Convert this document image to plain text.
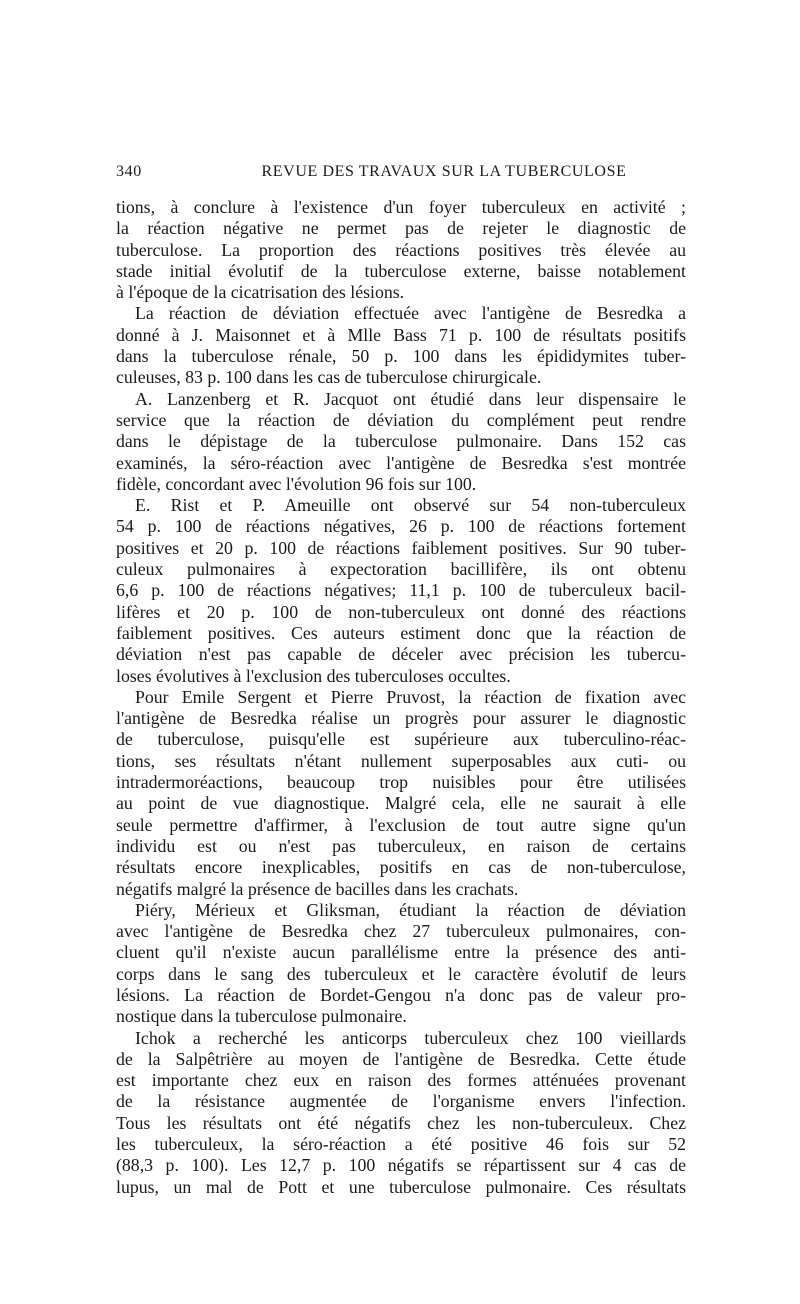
340	REVUE DES TRAVAUX SUR LA TUBERCULOSE

tions, à conclure à l'existence d'un foyer tuberculeux en activité ;
la réaction négative ne permet pas de rejeter le diagnostic de
tuberculose. La proportion des réactions positives très élevée au
stade initial évolutif de la tuberculose externe, baisse notablement
à l'époque de la cicatrisation des lésions.

La réaction de déviation effectuée avec l'antigène de Besredka a
donné à J. Maisonnet et à Mlle Bass 71 p. 100 de résultats positifs
dans la tuberculose rénale, 50 p. 100 dans les épididymites tuber-
culeuses, 83 p. 100 dans les cas de tuberculose chirurgicale.

A. Lanzenberg et R. Jacquot ont étudié dans leur dispensaire le
service que la réaction de déviation du complément peut rendre
dans le dépistage de la tuberculose pulmonaire. Dans 152 cas
examinés, la séro-réaction avec l'antigène de Besredka s'est montrée
fidèle, concordant avec l'évolution 96 fois sur 100.

E. Rist et P. Ameuille ont observé sur 54 non-tuberculeux
54 p. 100 de réactions négatives, 26 p. 100 de réactions fortement
positives et 20 p. 100 de réactions faiblement positives. Sur 90 tuber-
culeux pulmonaires à expectoration bacillifère, ils ont obtenu
6,6 p. 100 de réactions négatives; 11,1 p. 100 de tuberculeux bacil-
lifères et 20 p. 100 de non-tuberculeux ont donné des réactions
faiblement positives. Ces auteurs estiment donc que la réaction de
déviation n'est pas capable de déceler avec précision les tubercu-
loses évolutives à l'exclusion des tuberculoses occultes.

Pour Emile Sergent et Pierre Pruvost, la réaction de fixation avec
l'antigène de Besredka réalise un progrès pour assurer le diagnostic
de tuberculose, puisqu'elle est supérieure aux tuberculino-réac-
tions, ses résultats n'étant nullement superposables aux cuti- ou
intradermoréactions, beaucoup trop nuisibles pour être utilisées
au point de vue diagnostique. Malgré cela, elle ne saurait à elle
seule permettre d'affirmer, à l'exclusion de tout autre signe qu'un
individu est ou n'est pas tuberculeux, en raison de certains
résultats encore inexplicables, positifs en cas de non-tuberculose,
négatifs malgré la présence de bacilles dans les crachats.

Piéry, Mérieux et Gliksman, étudiant la réaction de déviation
avec l'antigène de Besredka chez 27 tuberculeux pulmonaires, con-
cluent qu'il n'existe aucun parallélisme entre la présence des anti-
corps dans le sang des tuberculeux et le caractère évolutif de leurs
lésions. La réaction de Bordet-Gengou n'a donc pas de valeur pro-
nostique dans la tuberculose pulmonaire.

Ichok a recherché les anticorps tuberculeux chez 100 vieillards
de la Salpêtrière au moyen de l'antigène de Besredka. Cette étude
est importante chez eux en raison des formes atténuées provenant
de la résistance augmentée de l'organisme envers l'infection.
Tous les résultats ont été négatifs chez les non-tuberculeux. Chez
les tuberculeux, la séro-réaction a été positive 46 fois sur 52
(88,3 p. 100). Les 12,7 p. 100 négatifs se répartissent sur 4 cas de
lupus, un mal de Pott et une tuberculose pulmonaire. Ces résultats
